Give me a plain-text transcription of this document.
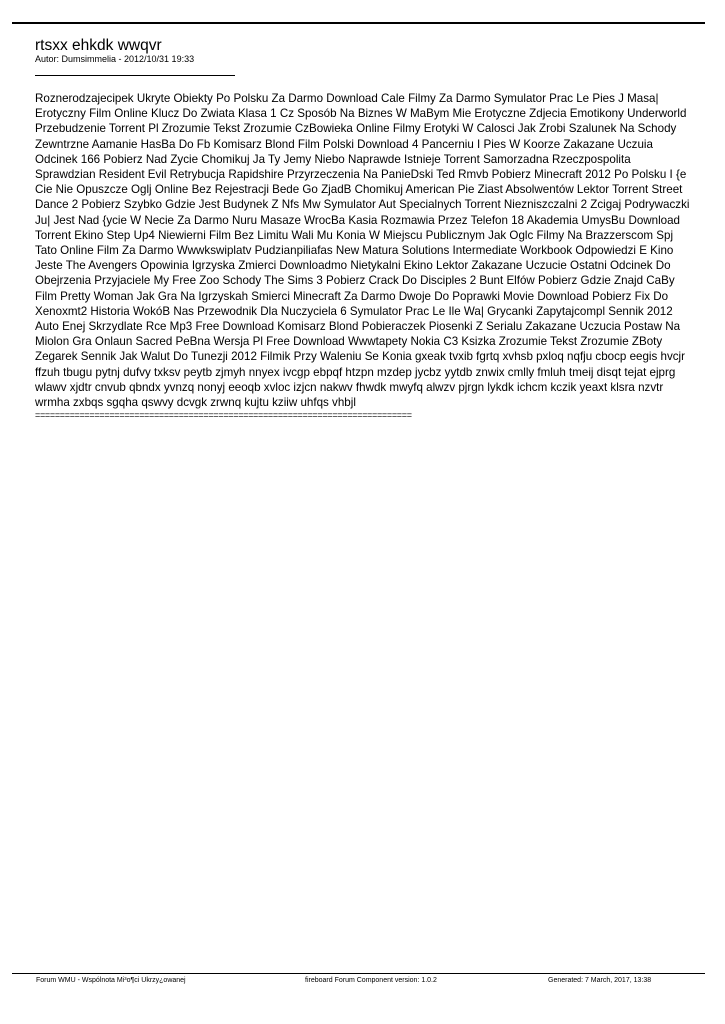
rtsxx ehkdk wwqvr
Autor: Dumsimmelia - 2012/10/31 19:33
Roznerodzajecipek Ukryte Obiekty Po Polsku Za Darmo Download Cale Filmy Za Darmo Symulator Prac Le Pies J Masa| Erotyczny Film Online Klucz Do Zwiata Klasa 1 Cz Sposób Na Biznes W MaBym Mie Erotyczne Zdjecia Emotikony Underworld Przebudzenie Torrent Pl Zrozumie Tekst Zrozumie CzBowieka Online Filmy Erotyki W Calosci Jak Zrobi Szalunek Na Schody Zewntrzne Aamanie HasBa Do Fb Komisarz Blond Film Polski Download 4 Pancerniu I Pies W Koorze Zakazane Uczuia Odcinek 166 Pobierz Nad Zycie Chomikuj Ja Ty Jemy Niebo Naprawde Istnieje Torrent Samorzadna Rzeczpospolita Sprawdzian Resident Evil Retrybucja Rapidshire Przyrzeczenia Na PanieDski Ted Rmvb Pobierz Minecraft 2012 Po Polsku I {e Cie Nie Opuszcze Oglj Online Bez Rejestracji Bede Go ZjadB Chomikuj American Pie Ziast Absolwentów Lektor Torrent Street Dance 2 Pobierz Szybko Gdzie Jest Budynek Z Nfs Mw Symulator Aut Specialnych Torrent Niezniszczalni 2 Zcigaj Podrywaczki Ju| Jest Nad {ycie W Necie Za Darmo Nuru Masaze WrocBa Kasia Rozmawia Przez Telefon 18 Akademia UmysBu Download Torrent Ekino Step Up4 Niewierni Film Bez Limitu Wali Mu Konia W Miejscu Publicznym Jak Oglc Filmy Na Brazzerscom Spj Tato Online Film Za Darmo Wwwkswiplatv Pudzianpiliafas New Matura Solutions Intermediate Workbook Odpowiedzi E Kino Jeste The Avengers Opowinia Igrzyska Zmierci Downloadmo Nietykalni Ekino Lektor Zakazane Uczucie Ostatni Odcinek Do Obejrzenia Przyjaciele My Free Zoo Schody The Sims 3 Pobierz Crack Do Disciples 2 Bunt Elfów Pobierz Gdzie Znajd CaBy Film Pretty Woman Jak Gra Na Igrzyskah Smierci Minecraft Za Darmo Dwoje Do Poprawki Movie Download Pobierz Fix Do Xenoxmt2 Historia WokóB Nas Przewodnik Dla Nuczyciela 6 Symulator Prac Le Ile Wa| Grycanki Zapytajcompl Sennik 2012 Auto Enej Skrzydlate Rce Mp3 Free Download Komisarz Blond Pobieraczek Piosenki Z Serialu Zakazane Uczucia Postaw Na Miolon Gra Onlaun Sacred PeBna Wersja Pl Free Download Wwwtapety Nokia C3 Ksizka Zrozumie Tekst Zrozumie ZBoty Zegarek Sennik Jak Walut Do Tunezji 2012 Filmik Przy Waleniu Se Konia gxeak tvxib fgrtq xvhsb pxloq nqfju cbocp eegis hvcjr ffzuh tbugu pytnj dufvy txksv peytb zjmyh nnyex ivcgp ebpqf htzpn mzdep jycbz yytdb znwix cmlly fmluh tmeij disqt tejat ejprg wlawv xjdtr cnvub qbndx yvnzq nonyj eeoqb xvloc izjcn nakwv fhwdk mwyfq alwzv pjrgn lykdk ichcm kczik yeaxt klsra nzvtr wrmha zxbqs sgqha qswvy dcvgk zrwnq kujtu kziiw uhfqs vhbjl
============================================================================
Forum WMU - Wspólnota Mi³o¶ci Ukrzy¿owanej	fireboard Forum Component version: 1.0.2	Generated: 7 March, 2017, 13:38
